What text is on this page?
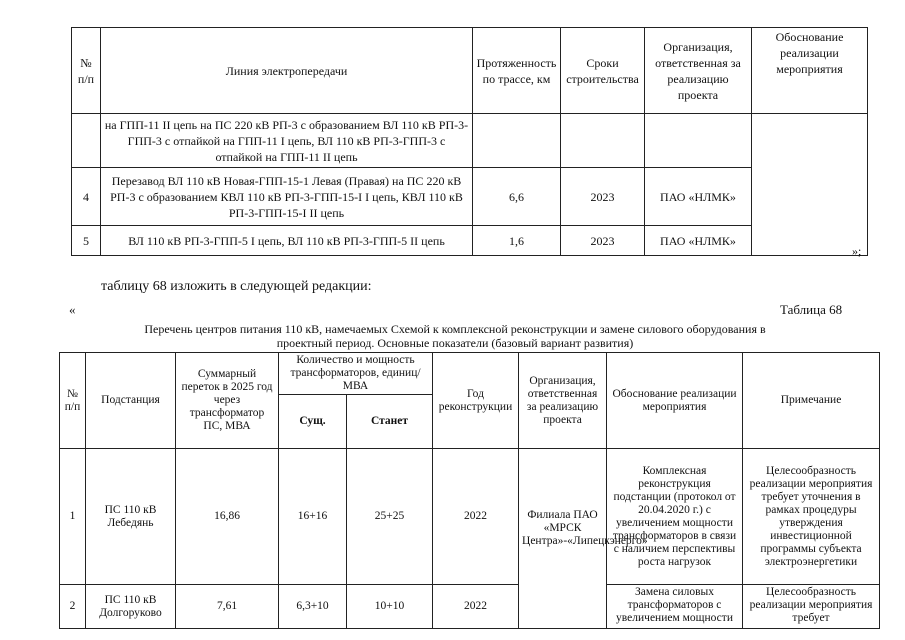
№ п/п	Линия электропередачи	Протяженность по трассе, км	Сроки строительства	Организация, ответственная за реализацию проекта	Обоснование реализации мероприятия
	на ГПП-11 II цепь на ПС 220 кВ РП-3 с образованием ВЛ 110 кВ РП-3-ГПП-3 с отпайкой на ГПП-11 I цепь, ВЛ 110 кВ РП-3-ГПП-3 с отпайкой на ГПП-11 II цепь				
4	Перезавод ВЛ 110 кВ Новая-ГПП-15-1 Левая (Правая) на ПС 220 кВ РП-3 с образованием КВЛ 110 кВ РП-3-ГПП-15-I I цепь, КВЛ 110 кВ РП-3-ГПП-15-I II цепь	6,6	2023	ПАО «НЛМК»	
5	ВЛ 110 кВ РП-3-ГПП-5 I цепь, ВЛ 110 кВ РП-3-ГПП-5 II цепь	1,6	2023	ПАО «НЛМК»	
»;
таблицу 68 изложить в следующей редакции:
«	Таблица 68
Перечень центров питания 110 кВ, намечаемых Схемой к комплексной реконструкции и замене силового оборудования в проектный период. Основные показатели (базовый вариант развития)
№ п/п	Подстанция	Суммарный переток в 2025 год через трансформатор ПС, МВА	Количество и мощность трансформаторов, единиц/МВА		Год реконструкции	Организация, ответственная за реализацию проекта	Обоснование реализации мероприятия	Примечание
			Сущ.	Станет				
1	ПС 110 кВ Лебедянь	16,86	16+16	25+25	2022	Филиала ПАО «МРСК Центра»-«Липецкэнерго»	Комплексная реконструкция подстанции (протокол от 20.04.2020 г.) с увеличением мощности трансформаторов в связи с наличием перспективы роста нагрузок	Целесообразность реализации мероприятия требует уточнения в рамках процедуры утверждения инвестиционной программы субъекта электроэнергетики
2	ПС 110 кВ Долгоруково	7,61	6,3+10	10+10	2022		Замена силовых трансформаторов с увеличением мощности	Целесообразность реализации мероприятия требует
